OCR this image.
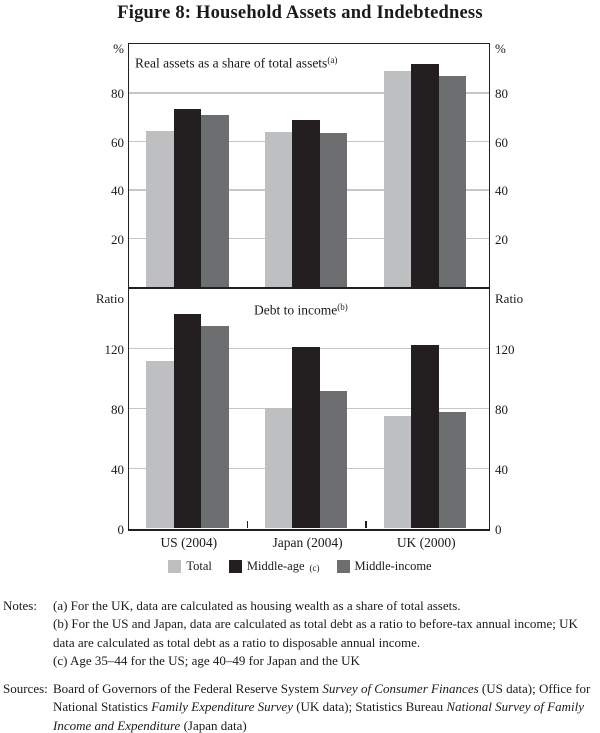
Figure 8: Household Assets and Indebtedness
Real assets as a share of total assets$^{(a)}$
20	20
40	40
60	60
80	80
%	%
Debt to income$^{(b)}$
0	0
40	40
80	80
120	120
Ratio	Ratio
US (2004)	Japan (2004)	UK (2000)
Total	Middle-age $^{(c)}$	Middle-income
Notes: (a) For the UK, data are calculated as housing wealth as a share of total assets.
(b) For the US and Japan, data are calculated as total debt as a ratio to before-tax annual income; UK data are calculated as total debt as a ratio to disposable annual income.
(c) Age 35–44 for the US; age 40–49 for Japan and the UK
Sources: Board of Governors of the Federal Reserve System Survey of Consumer Finances (US data); Office for National Statistics Family Expenditure Survey (UK data); Statistics Bureau National Survey of Family Income and Expenditure (Japan data)
